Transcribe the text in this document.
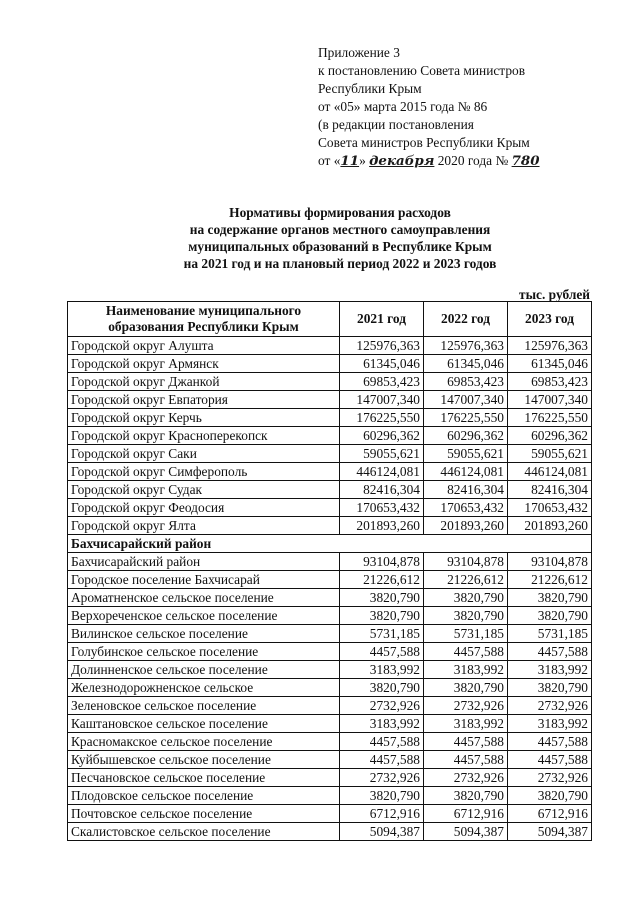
Приложение 3
к постановлению Совета министров
Республики Крым
от «05» марта 2015 года № 86
(в редакции постановления
Совета министров Республики Крым
от «11» декабря 2020 года № 780
Нормативы формирования расходов
на содержание органов местного самоуправления
муниципальных образований в Республике Крым
на 2021 год и на плановый период 2022 и 2023 годов
тыс. рублей
Наименование муниципального образования Республики Крым	2021 год	2022 год	2023 год
Городской округ Алушта	125976,363	125976,363	125976,363
Городской округ Армянск	61345,046	61345,046	61345,046
Городской округ Джанкой	69853,423	69853,423	69853,423
Городской округ Евпатория	147007,340	147007,340	147007,340
Городской округ Керчь	176225,550	176225,550	176225,550
Городской округ Красноперекопск	60296,362	60296,362	60296,362
Городской округ Саки	59055,621	59055,621	59055,621
Городской округ Симферополь	446124,081	446124,081	446124,081
Городской округ Судак	82416,304	82416,304	82416,304
Городской округ Феодосия	170653,432	170653,432	170653,432
Городской округ Ялта	201893,260	201893,260	201893,260
Бахчисарайский район			
Бахчисарайский район	93104,878	93104,878	93104,878
Городское поселение Бахчисарай	21226,612	21226,612	21226,612
Ароматненское сельское поселение	3820,790	3820,790	3820,790
Верхореченское сельское поселение	3820,790	3820,790	3820,790
Вилинское сельское поселение	5731,185	5731,185	5731,185
Голубинское сельское поселение	4457,588	4457,588	4457,588
Долинненское сельское поселение	3183,992	3183,992	3183,992
Железнодорожненское сельское	3820,790	3820,790	3820,790
Зеленовское сельское поселение	2732,926	2732,926	2732,926
Каштановское сельское поселение	3183,992	3183,992	3183,992
Красномакское сельское поселение	4457,588	4457,588	4457,588
Куйбышевское сельское поселение	4457,588	4457,588	4457,588
Песчановское сельское поселение	2732,926	2732,926	2732,926
Плодовское сельское поселение	3820,790	3820,790	3820,790
Почтовское сельское поселение	6712,916	6712,916	6712,916
Скалистовское сельское поселение	5094,387	5094,387	5094,387
